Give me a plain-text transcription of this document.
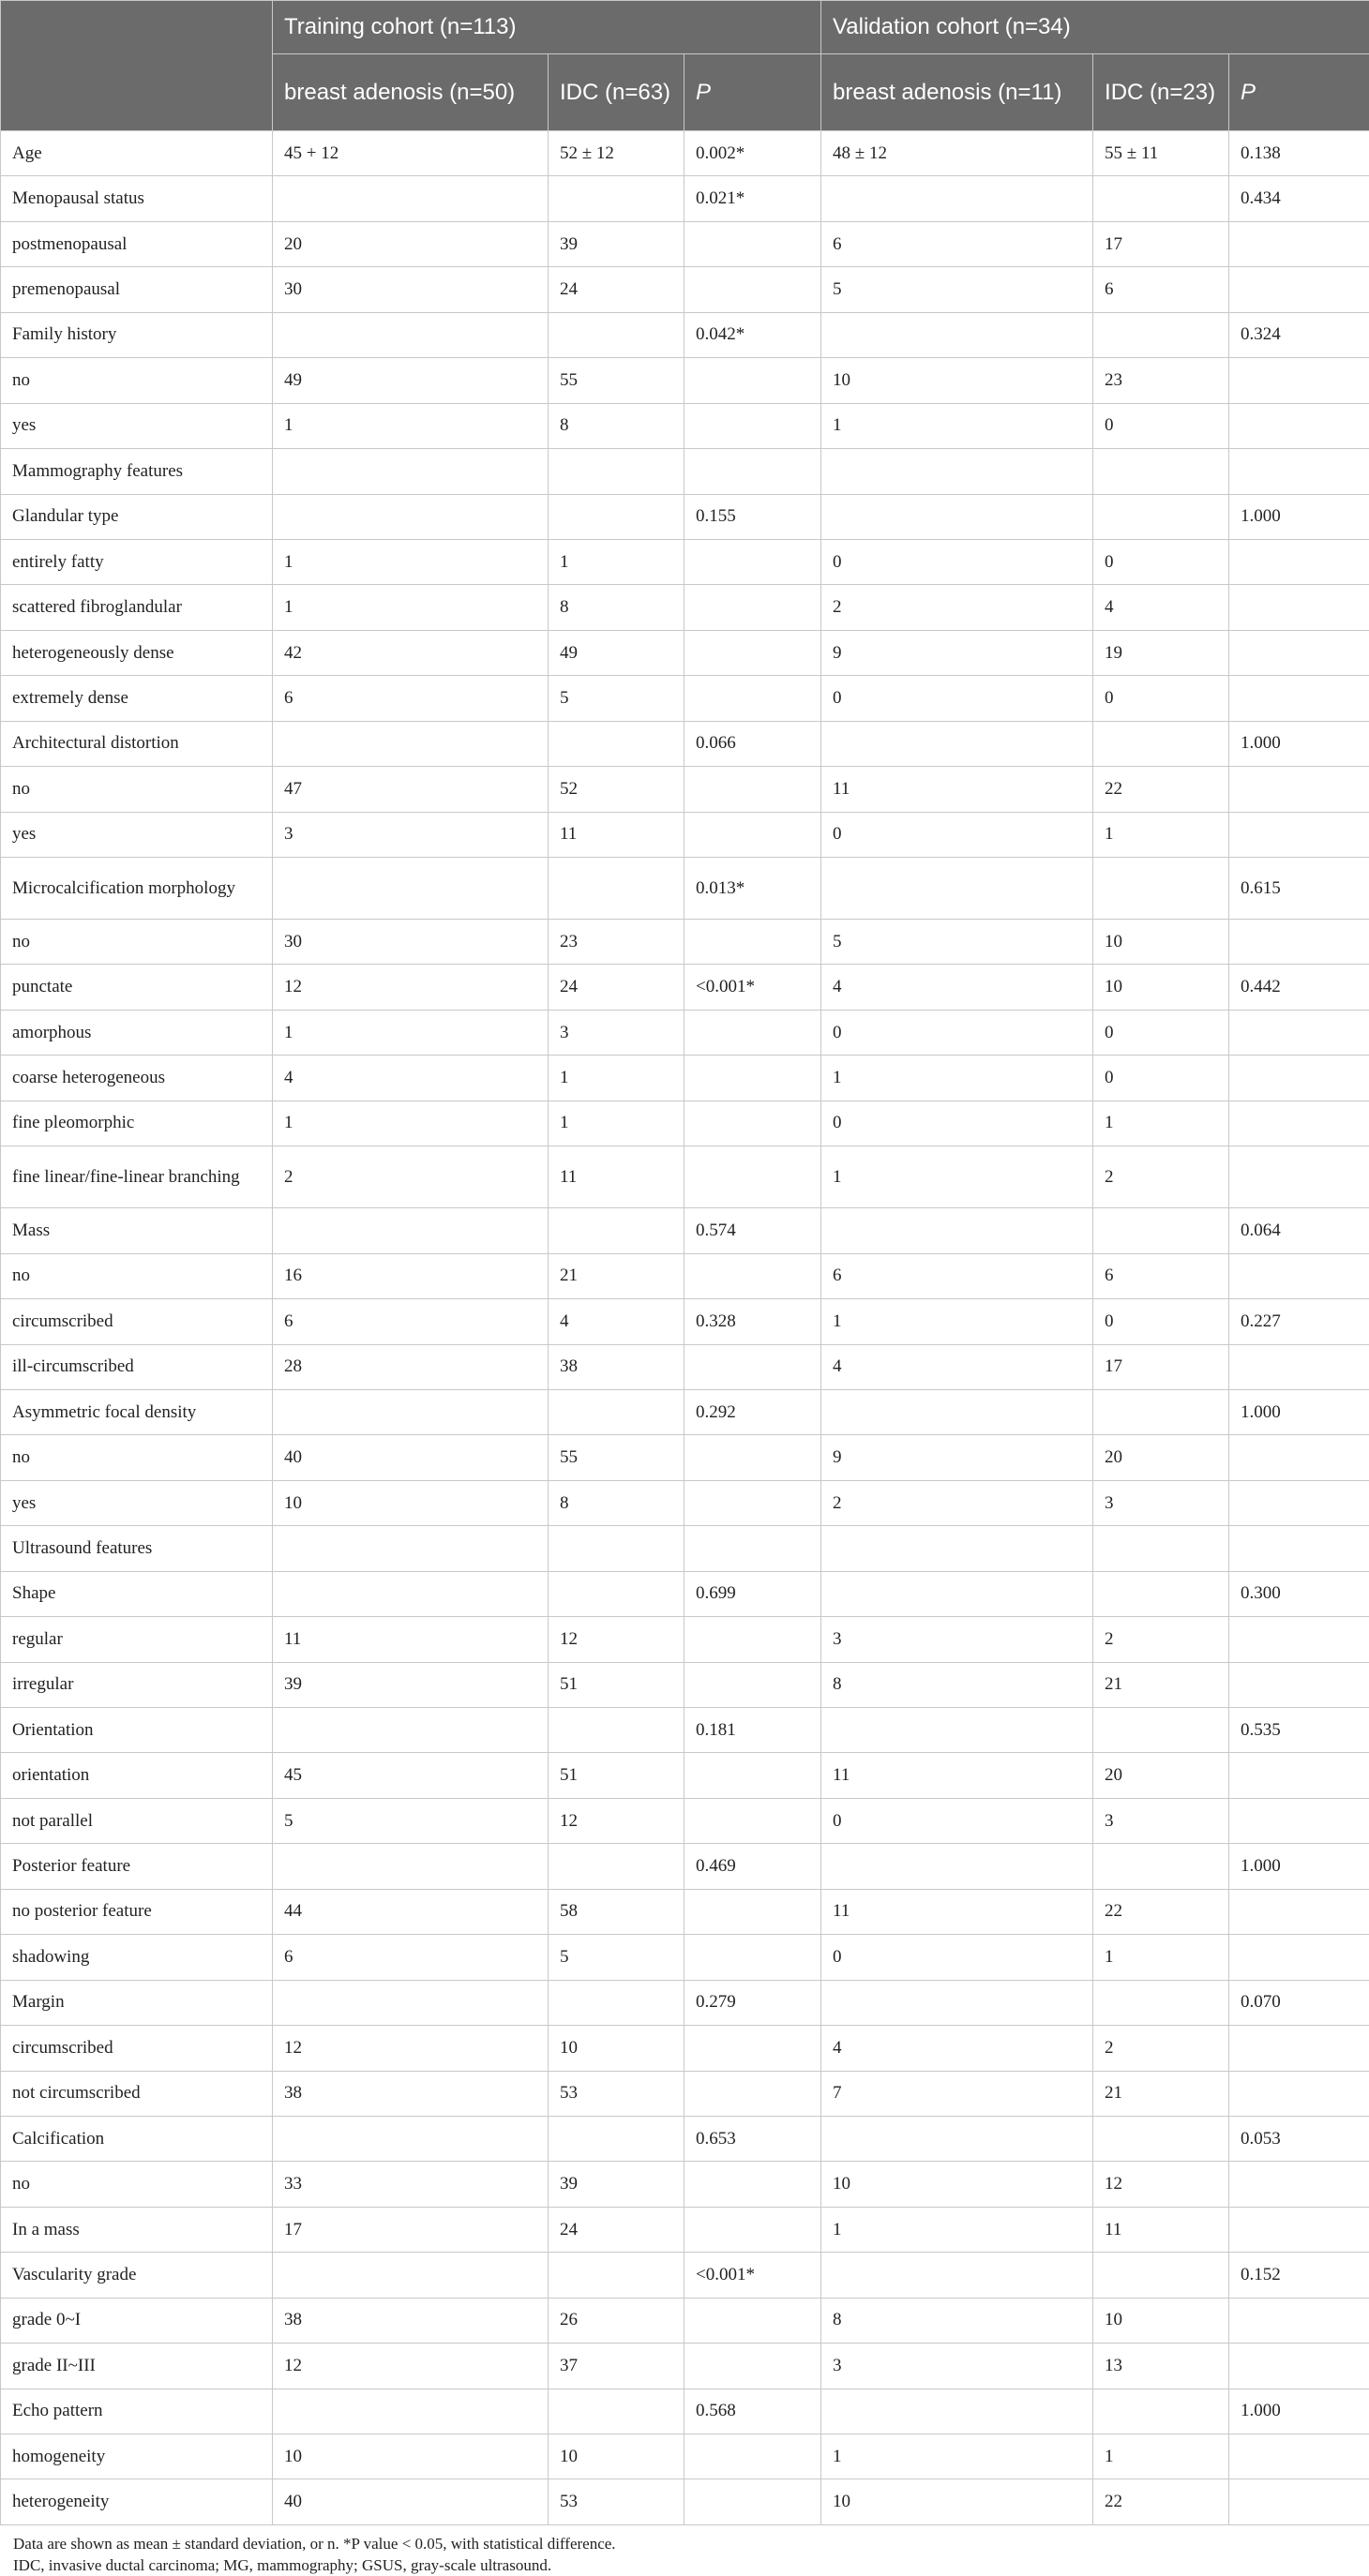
	Training cohort (n=113)			Validation cohort (n=34)		
	breast adenosis (n=50)	IDC (n=63)	P	breast adenosis (n=11)	IDC (n=23)	P
Age	45 + 12	52 ± 12	0.002*	48 ± 12	55 ± 11	0.138
Menopausal status			0.021*			0.434
postmenopausal	20	39		6	17	
premenopausal	30	24		5	6	
Family history			0.042*			0.324
no	49	55		10	23	
yes	1	8		1	0	
Mammography features						
Glandular type			0.155			1.000
entirely fatty	1	1		0	0	
scattered fibroglandular	1	8		2	4	
heterogeneously dense	42	49		9	19	
extremely dense	6	5		0	0	
Architectural distortion			0.066			1.000
no	47	52		11	22	
yes	3	11		0	1	
Microcalcification morphology			0.013*			0.615
no	30	23		5	10	
punctate	12	24	<0.001*	4	10	0.442
amorphous	1	3		0	0	
coarse heterogeneous	4	1		1	0	
fine pleomorphic	1	1		0	1	
fine linear/fine-linear branching	2	11		1	2	
Mass			0.574			0.064
no	16	21		6	6	
circumscribed	6	4	0.328	1	0	0.227
ill-circumscribed	28	38		4	17	
Asymmetric focal density			0.292			1.000
no	40	55		9	20	
yes	10	8		2	3	
Ultrasound features						
Shape			0.699			0.300
regular	11	12		3	2	
irregular	39	51		8	21	
Orientation			0.181			0.535
orientation	45	51		11	20	
not parallel	5	12		0	3	
Posterior feature			0.469			1.000
no posterior feature	44	58		11	22	
shadowing	6	5		0	1	
Margin			0.279			0.070
circumscribed	12	10		4	2	
not circumscribed	38	53		7	21	
Calcification			0.653			0.053
no	33	39		10	12	
In a mass	17	24		1	11	
Vascularity grade			<0.001*			0.152
grade 0~I	38	26		8	10	
grade II~III	12	37		3	13	
Echo pattern			0.568			1.000
homogeneity	10	10		1	1	
heterogeneity	40	53		10	22	
Data are shown as mean ± standard deviation, or n. *P value < 0.05, with statistical difference.
IDC, invasive ductal carcinoma; MG, mammography; GSUS, gray-scale ultrasound.
